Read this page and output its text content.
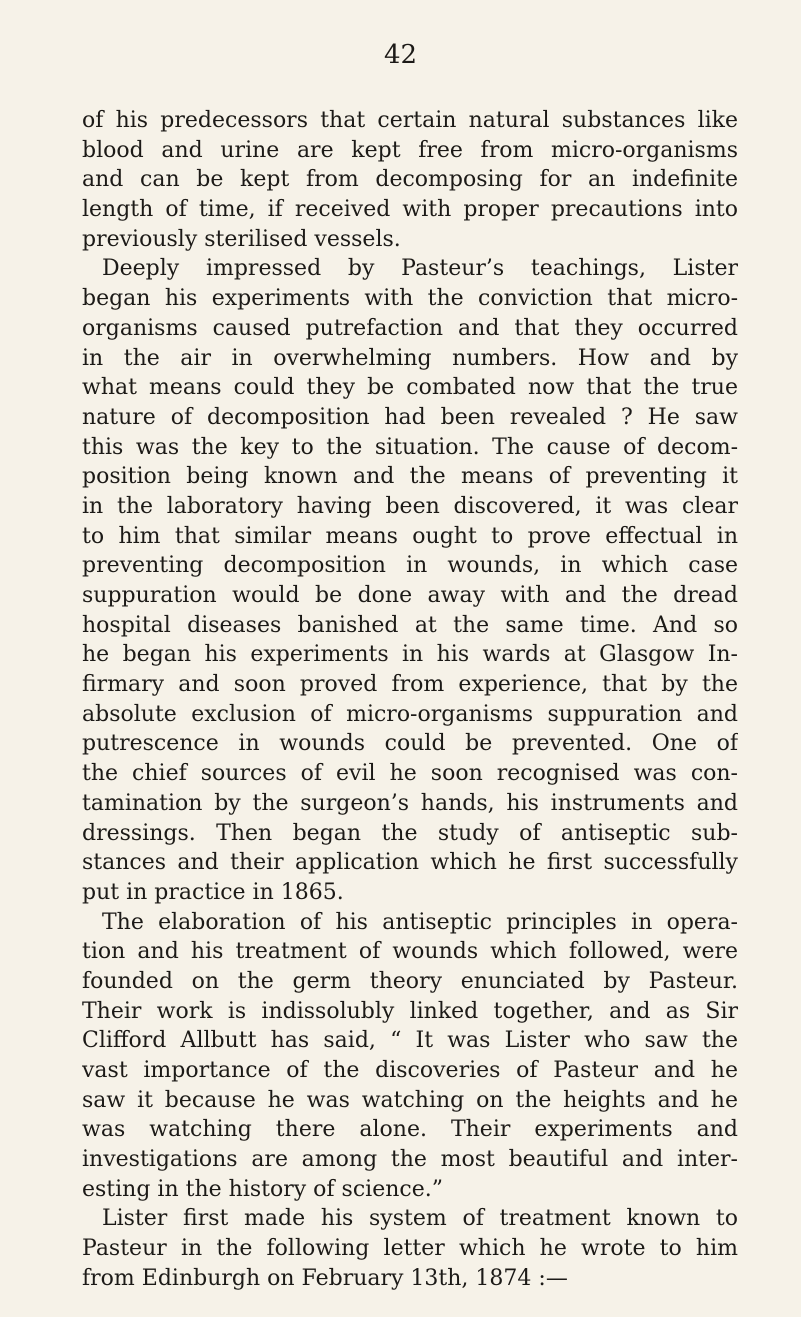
42
of his predecessors that certain natural substances like
blood and urine are kept free from micro-organisms
and can be kept from decomposing for an indefinite
length of time, if received with proper precautions into
previously sterilised vessels.
Deeply impressed by Pasteur’s teachings, Lister
began his experiments with the conviction that micro-
organisms caused putrefaction and that they occurred
in the air in overwhelming numbers. How and by
what means could they be combated now that the true
nature of decomposition had been revealed ? He saw
this was the key to the situation. The cause of decom-
position being known and the means of preventing it
in the laboratory having been discovered, it was clear
to him that similar means ought to prove effectual in
preventing decomposition in wounds, in which case
suppuration would be done away with and the dread
hospital diseases banished at the same time. And so
he began his experiments in his wards at Glasgow In-
firmary and soon proved from experience, that by the
absolute exclusion of micro-organisms suppuration and
putrescence in wounds could be prevented. One of
the chief sources of evil he soon recognised was con-
tamination by the surgeon’s hands, his instruments and
dressings. Then began the study of antiseptic sub-
stances and their application which he first successfully
put in practice in 1865.
The elaboration of his antiseptic principles in opera-
tion and his treatment of wounds which followed, were
founded on the germ theory enunciated by Pasteur.
Their work is indissolubly linked together, and as Sir
Clifford Allbutt has said, “ It was Lister who saw the
vast importance of the discoveries of Pasteur and he
saw it because he was watching on the heights and he
was watching there alone. Their experiments and
investigations are among the most beautiful and inter-
esting in the history of science.”
Lister first made his system of treatment known to
Pasteur in the following letter which he wrote to him
from Edinburgh on February 13th, 1874 :—
